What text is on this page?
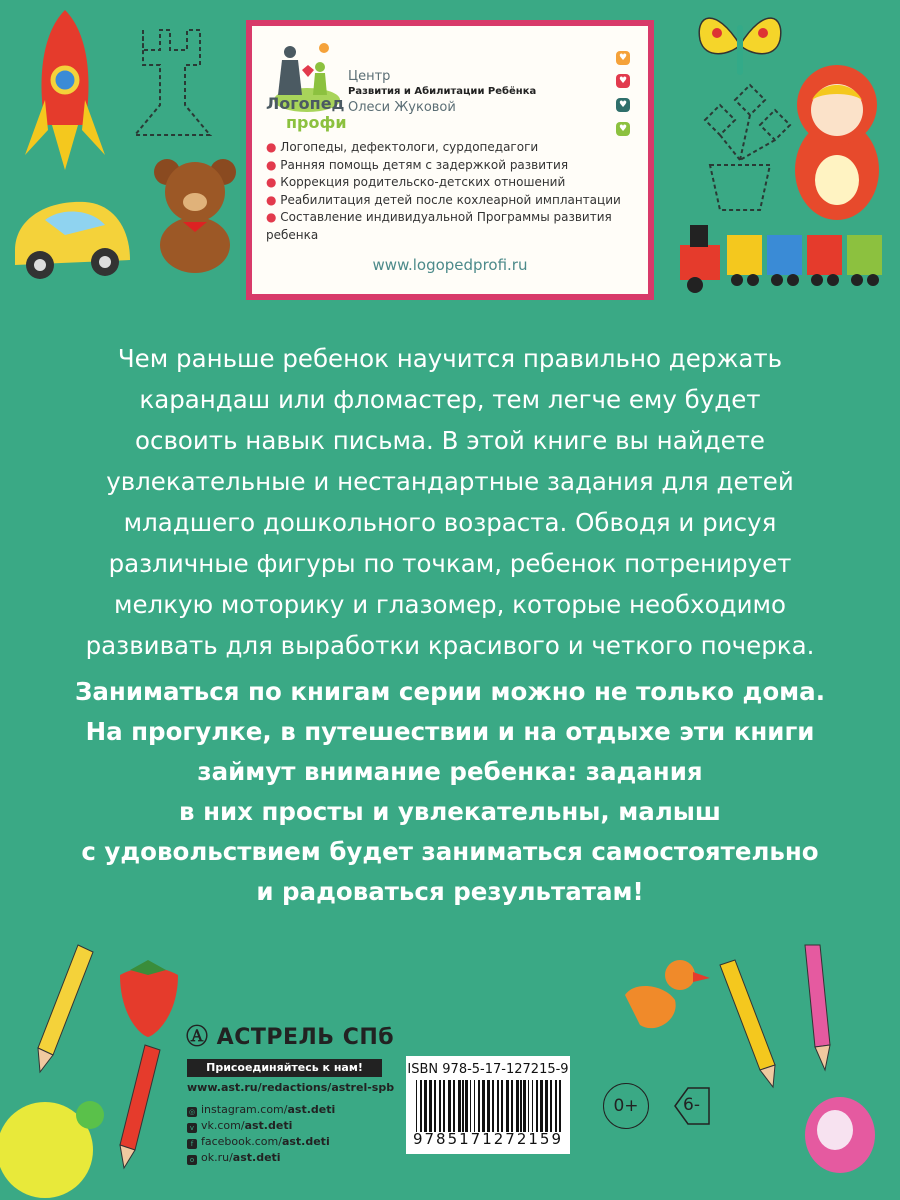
Логопед
профи
Центр
Развития и Абилитации Ребёнка
Олеси Жуковой
♥
♥
♥
♥
● Логопеды, дефектологи, сурдопедагоги
● Ранняя помощь детям с задержкой развития
● Коррекция родительско-детских отношений
● Реабилитация детей после кохлеарной имплантации
● Составление индивидуальной Программы развития ребенка
www.logopedprofi.ru
Чем раньше ребенок научится правильно держать
карандаш или фломастер, тем легче ему будет
освоить навык письма. В этой книге вы найдете
увлекательные и нестандартные задания для детей
младшего дошкольного возраста. Обводя и рисуя
различные фигуры по точкам, ребенок потренирует
мелкую моторику и глазомер, которые необходимо
развивать для выработки красивого и четкого почерка.
Заниматься по книгам серии можно не только дома.
На прогулке, в путешествии и на отдыхе эти книги
займут внимание ребенка: задания
в них просты и увлекательны, малыш
с удовольствием будет заниматься самостоятельно
и радоваться результатам!
Ⓐ АСТРЕЛЬ СПб
Присоединяйтесь к нам!
www.ast.ru/redactions/astrel-spb
◎ instagram.com/ast.deti
v vk.com/ast.deti
f facebook.com/ast.deti
o ok.ru/ast.deti
ISBN 978-5-17-127215-9
9785171272159
0+	6-
